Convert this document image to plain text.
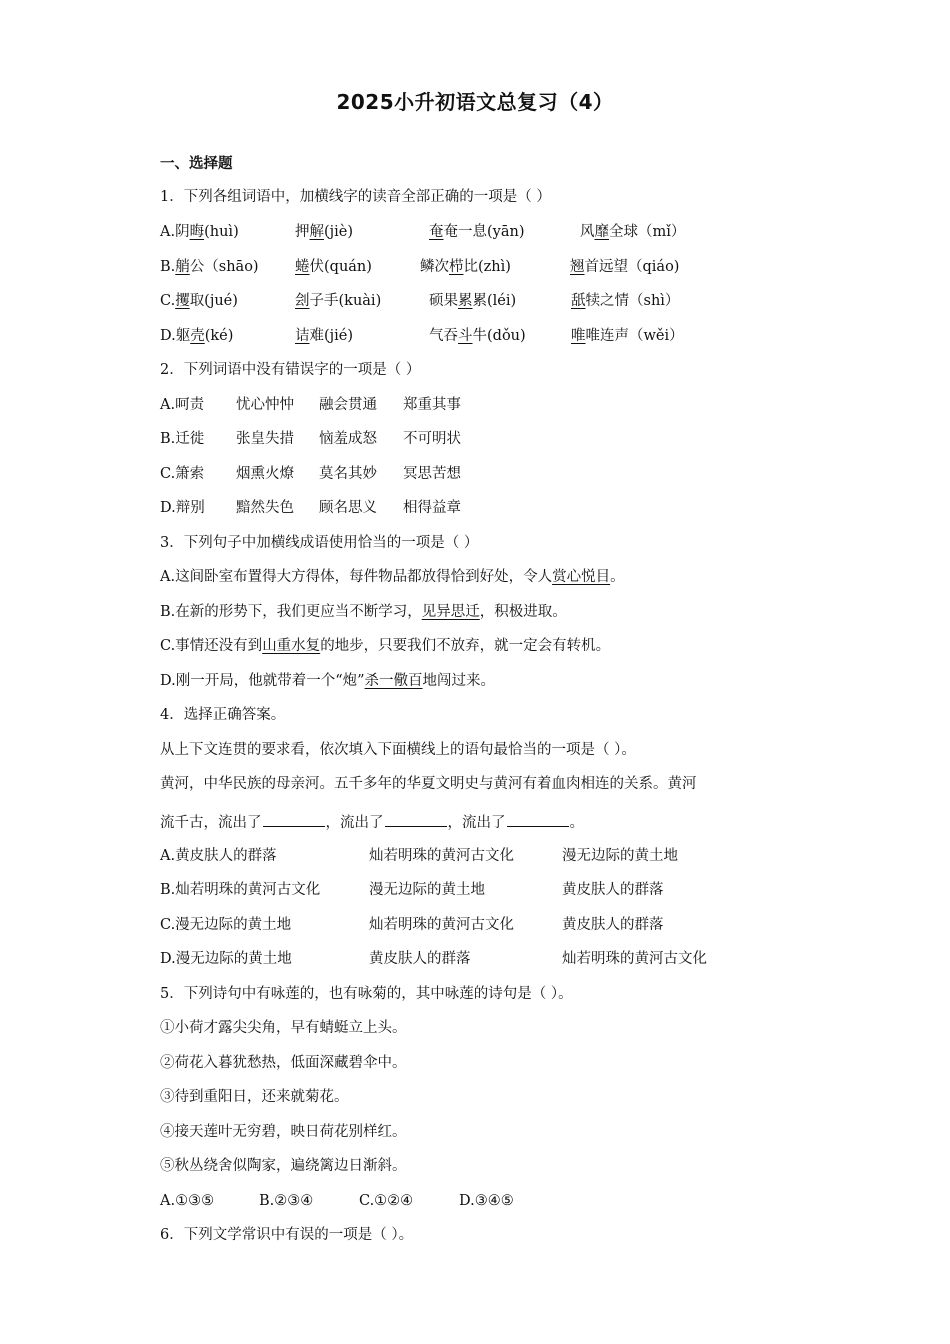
2025小升初语文总复习（4）
一、选择题
1．下列各组词语中，加横线字的读音全部正确的一项是（ ）
A.阴晦(huì)	押解(jiè)	奄奄一息(yān)	风靡全球（mǐ）
B.艄公（shāo)	蜷伏(quán)	鳞次栉比(zhì)	翘首远望（qiáo)
C.攫取(jué)	刽子手(kuài)	硕果累累(léi)	舐犊之情（shì）
D.躯壳(ké)	诘难(jié)	气吞斗牛(dǒu)	唯唯连声（wěi）
2．下列词语中没有错误字的一项是（ ）
A.呵责 忧心忡忡 融会贯通 郑重其事
B.迁徙 张皇失措 恼羞成怒 不可明状
C.箫索 烟熏火燎 莫名其妙 冥思苦想
D.辩别 黯然失色 顾名思义 相得益章
3．下列句子中加横线成语使用恰当的一项是（ ）
A.这间卧室布置得大方得体，每件物品都放得恰到好处，令人赏心悦目。
B.在新的形势下，我们更应当不断学习，见异思迁，积极进取。
C.事情还没有到山重水复的地步，只要我们不放弃，就一定会有转机。
D.刚一开局，他就带着一个“炮”杀一儆百地闯过来。
4．选择正确答案。
从上下文连贯的要求看，依次填入下面横线上的语句最恰当的一项是（ ）。
黄河，中华民族的母亲河。五千多年的华夏文明史与黄河有着血肉相连的关系。黄河
流千古，流出了	，流出了	，流出了	。
A.黄皮肤人的群落	灿若明珠的黄河古文化	漫无边际的黄土地
B.灿若明珠的黄河古文化	漫无边际的黄土地	黄皮肤人的群落
C.漫无边际的黄土地	灿若明珠的黄河古文化	黄皮肤人的群落
D.漫无边际的黄土地	黄皮肤人的群落	灿若明珠的黄河古文化
5．下列诗句中有咏莲的，也有咏菊的，其中咏莲的诗句是（ ）。
①小荷才露尖尖角，早有蜻蜓立上头。
②荷花入暮犹愁热，低面深藏碧伞中。
③待到重阳日，还来就菊花。
④接天莲叶无穷碧，映日荷花别样红。
⑤秋丛绕舍似陶家，遍绕篱边日渐斜。
A.①③⑤	B.②③④	C.①②④	D.③④⑤
6．下列文学常识中有误的一项是（ ）。
